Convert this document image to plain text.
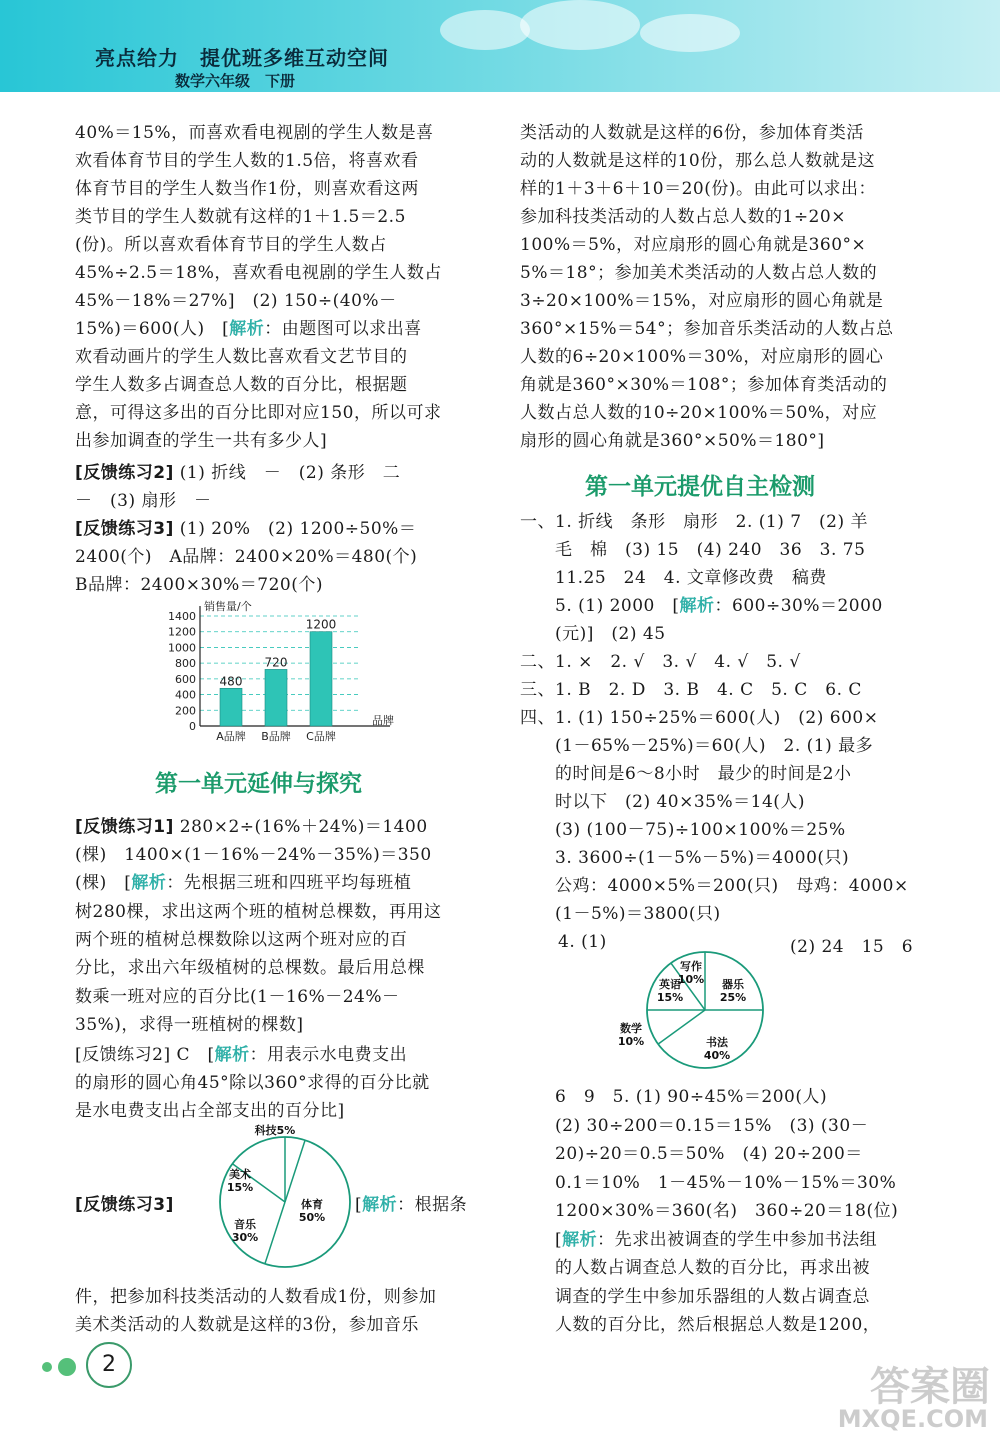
亮点给力　提优班多维互动空间
数学六年级　下册
40%＝15%，而喜欢看电视剧的学生人数是喜
欢看体育节目的学生人数的1.5倍，将喜欢看
体育节目的学生人数当作1份，则喜欢看这两
类节目的学生人数就有这样的1＋1.5＝2.5
(份)。所以喜欢看体育节目的学生人数占
45%÷2.5＝18%，喜欢看电视剧的学生人数占
45%－18%＝27%]　(2) 150÷(40%－
15%)＝600(人)　[解析：由题图可以求出喜
欢看动画片的学生人数比喜欢看文艺节目的
学生人数多占调查总人数的百分比，根据题
意，可得这多出的百分比即对应150，所以可求
出参加调查的学生一共有多少人]
[反馈练习2] (1) 折线　－　(2) 条形　二
－　(3) 扇形　－
[反馈练习3] (1) 20%　(2) 1200÷50%＝
2400(个)　A品牌：2400×20%＝480(个)
B品牌：2400×30%＝720(个)
0
200
400
600
800
1000
1200
1400
销售量/个
品牌
480
A品牌
720
B品牌
1200
C品牌
第一单元延伸与探究
[反馈练习1] 280×2÷(16%＋24%)＝1400
(棵)　1400×(1－16%－24%－35%)＝350
(棵)　[解析：先根据三班和四班平均每班植
树280棵，求出这两个班的植树总棵数，再用这
两个班的植树总棵数除以这两个班对应的百
分比，求出六年级植树的总棵数。最后用总棵
数乘一班对应的百分比(1－16%－24%－
35%)，求得一班植树的棵数]
[反馈练习2] C　[解析：用表示水电费支出
的扇形的圆心角45°除以360°求得的百分比就
是水电费支出占全部支出的百分比]
[反馈练习3]
科技5%
体育 50%
音乐 30%
美术 15%
[解析：根据条
件，把参加科技类活动的人数看成1份，则参加
美术类活动的人数就是这样的3份，参加音乐
类活动的人数就是这样的6份，参加体育类活
动的人数就是这样的10份，那么总人数就是这
样的1＋3＋6＋10＝20(份)。由此可以求出：
参加科技类活动的人数占总人数的1÷20×
100%＝5%，对应扇形的圆心角就是360°×
5%＝18°；参加美术类活动的人数占总人数的
3÷20×100%＝15%，对应扇形的圆心角就是
360°×15%＝54°；参加音乐类活动的人数占总
人数的6÷20×100%＝30%，对应扇形的圆心
角就是360°×30%＝108°；参加体育类活动的
人数占总人数的10÷20×100%＝50%，对应
扇形的圆心角就是360°×50%＝180°]
第一单元提优自主检测
一、1. 折线　条形　扇形　2. (1) 7　(2) 羊
　　毛　棉　(3) 15　(4) 240　36　3. 75
　　11.25　24　4. 文章修改费　稿费
　　5. (1) 2000　[解析：600÷30%＝2000
　　(元)]　(2) 45
二、1. ×　2. √　3. √　4. √　5. √
三、1. B　2. D　3. B　4. C　5. C　6. C
四、1. (1) 150÷25%＝600(人)　(2) 600×
　　(1－65%－25%)＝60(人)　2. (1) 最多
　　的时间是6～8小时　最少的时间是2小
　　时以下　(2) 40×35%＝14(人)
　　(3) (100－75)÷100×100%＝25%
　　3. 3600÷(1－5%－5%)＝4000(只)
　　公鸡：4000×5%＝200(只)　母鸡：4000×
　　(1－5%)＝3800(只)
4. (1)
器乐 25%
书法 40%
数学 10%
英语 15%
写作 10%
(2) 24　15　6
　　6　9　5. (1) 90÷45%＝200(人)
　　(2) 30÷200＝0.15＝15%　(3) (30－
　　20)÷20＝0.5＝50%　(4) 20÷200＝
　　0.1＝10%　1－45%－10%－15%＝30%
　　1200×30%＝360(名)　360÷20＝18(位)
　　[解析：先求出被调查的学生中参加书法组
　　的人数占调查总人数的百分比，再求出被
　　调查的学生中参加乐器组的人数占调查总
　　人数的百分比，然后根据总人数是1200，
2	答案圈
MXQE.COM
